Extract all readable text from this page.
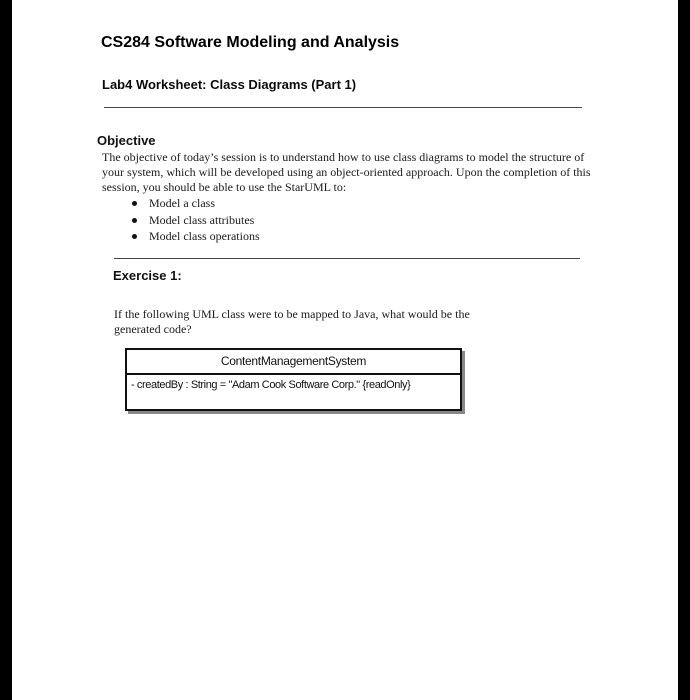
CS284 Software Modeling and Analysis
Lab4 Worksheet: Class Diagrams (Part 1)
Objective
The objective of today’s session is to understand how to use class diagrams to model the structure of your system, which will be developed using an object-oriented approach. Upon the completion of this session, you should be able to use the StarUML to:
Model a class
Model class attributes
Model class operations
Exercise 1:
If the following UML class were to be mapped to Java, what would be the generated code?
ContentManagementSystem
- createdBy : String = "Adam Cook Software Corp." {readOnly}
